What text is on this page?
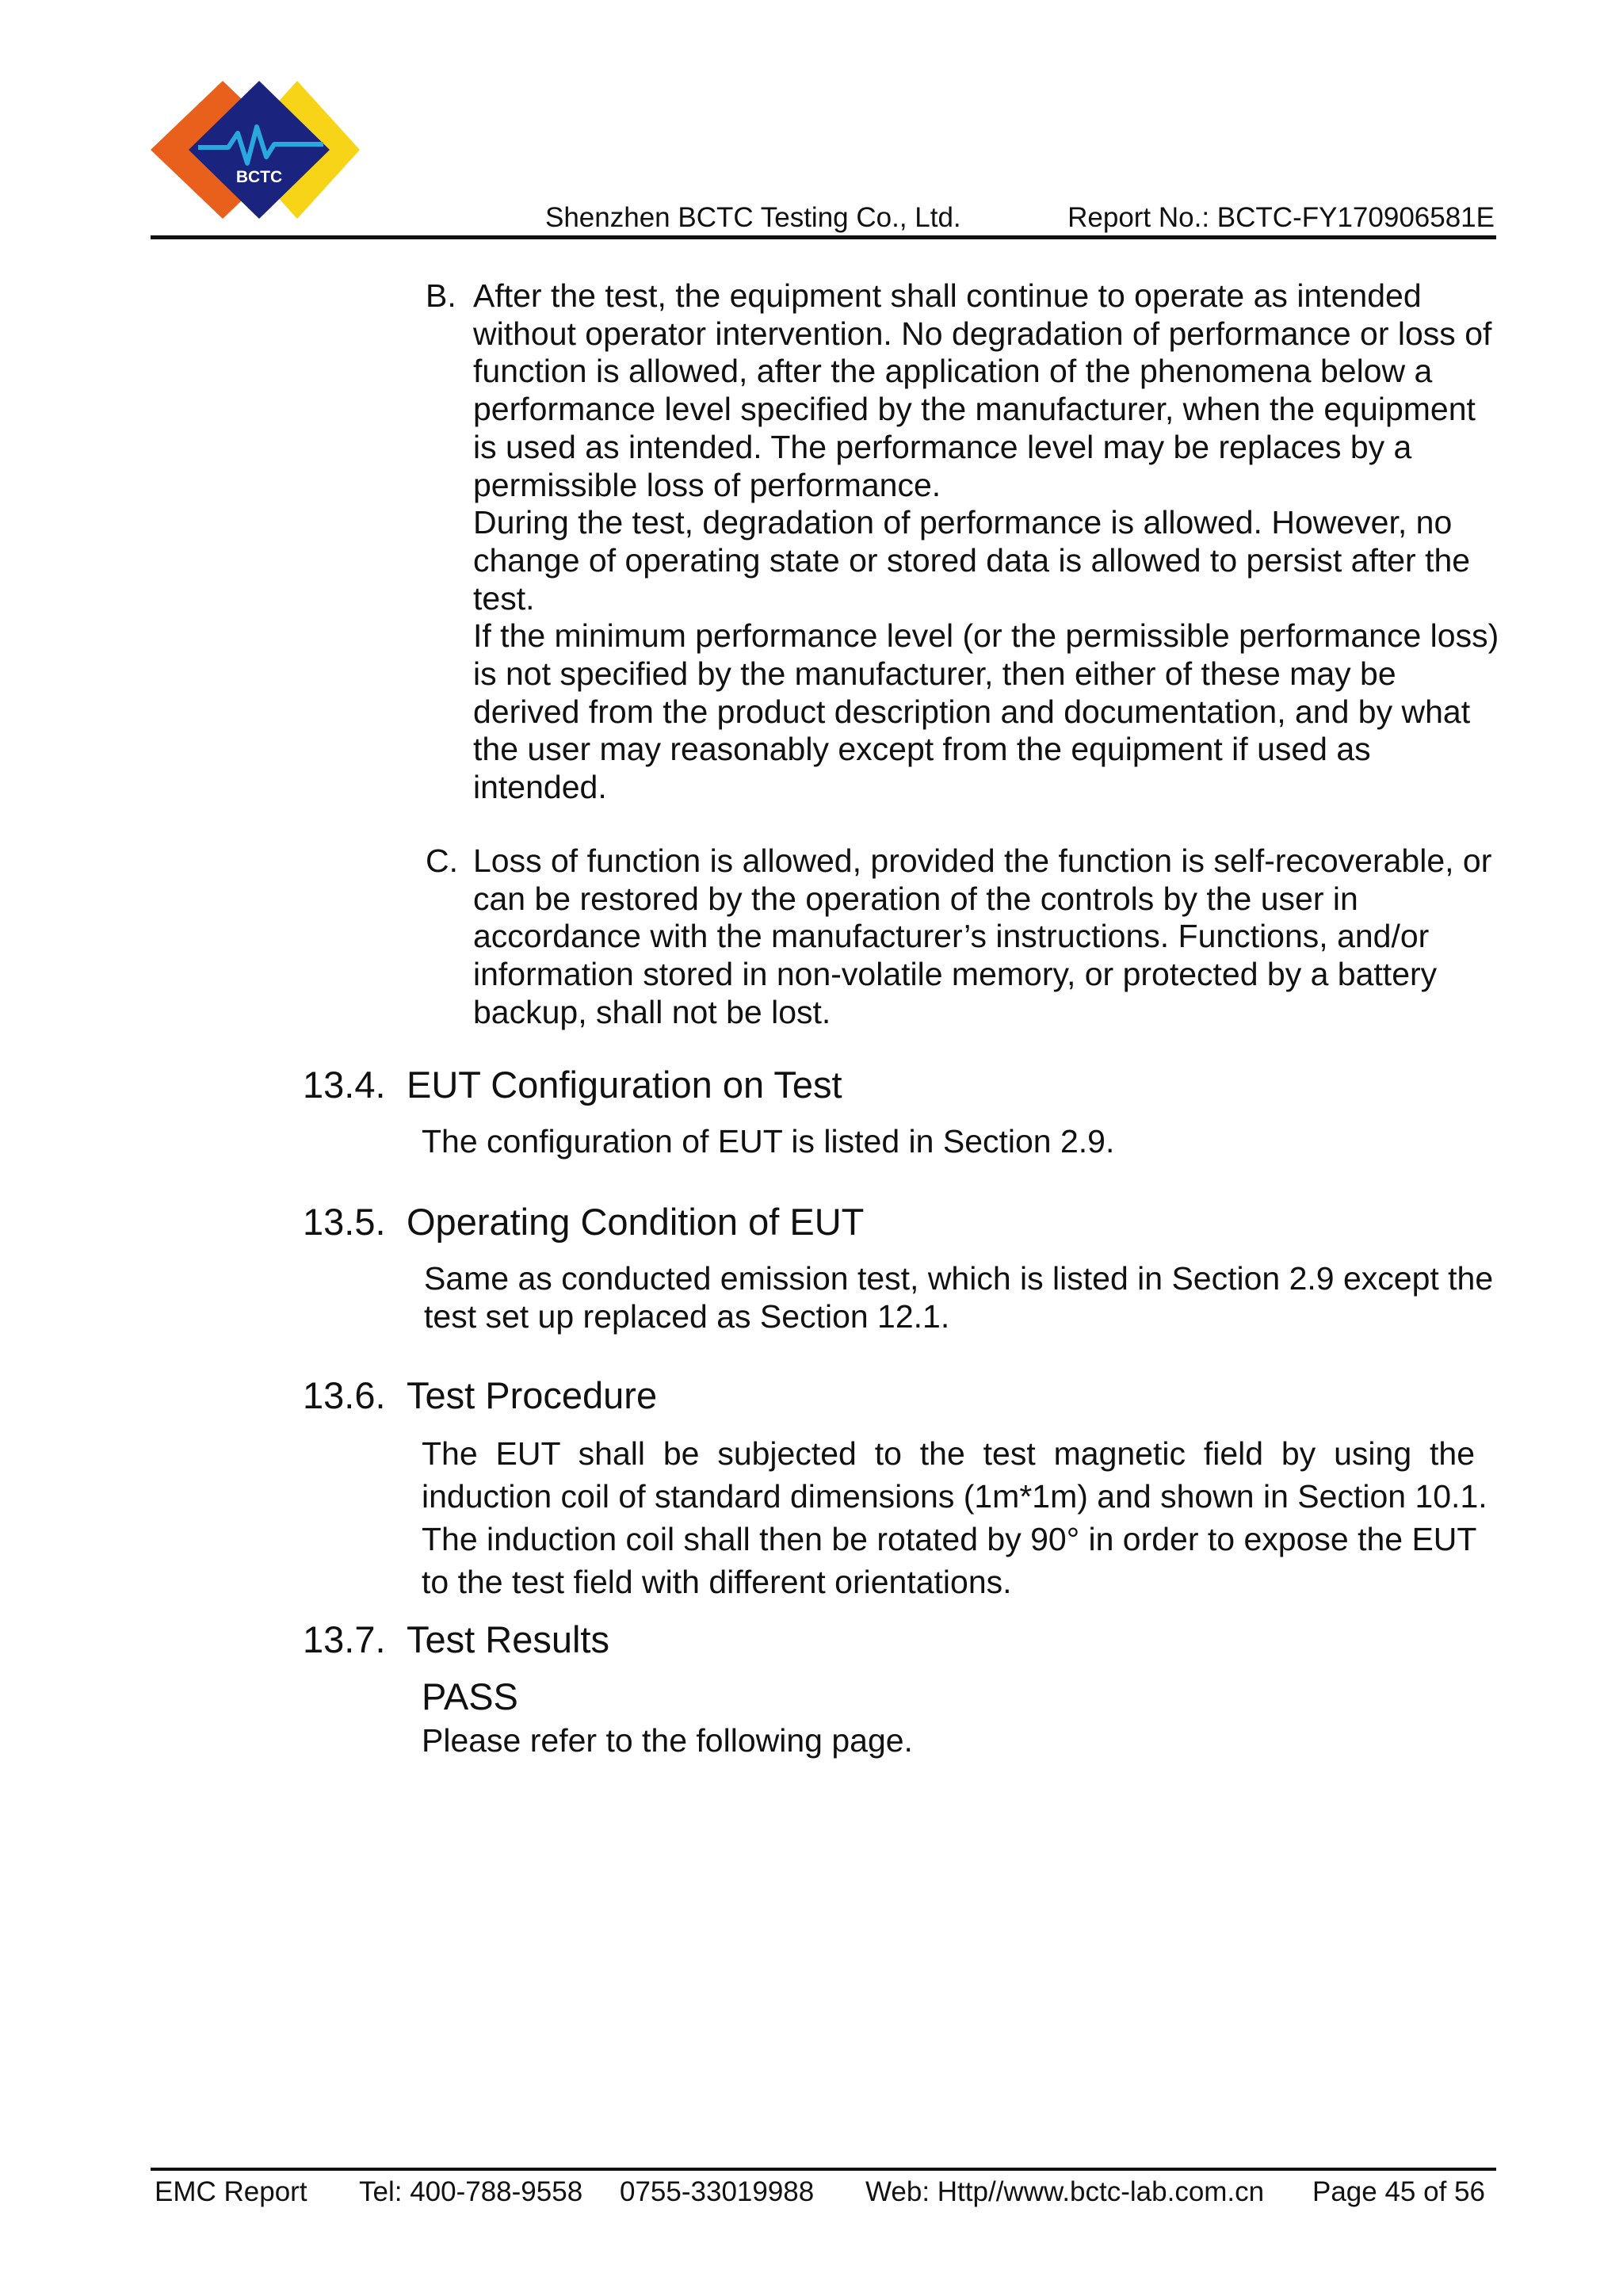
BCTC
Shenzhen BCTC Testing Co., Ltd.	Report No.: BCTC-FY170906581E
B. After the test, the equipment shall continue to operate as intended

without operator intervention. No degradation of performance or loss of

function is allowed, after the application of the phenomena below a

performance level specified by the manufacturer, when the equipment

is used as intended. The performance level may be replaces by a

permissible loss of performance.

During the test, degradation of performance is allowed. However, no

change of operating state or stored data is allowed to persist after the

test.

If the minimum performance level (or the permissible performance loss)

is not specified by the manufacturer, then either of these may be

derived from the product description and documentation, and by what

the user may reasonably except from the equipment if used as

intended.

C. Loss of function is allowed, provided the function is self-recoverable, or

can be restored by the operation of the controls by the user in

accordance with the manufacturer’s instructions. Functions, and/or

information stored in non-volatile memory, or protected by a battery

backup, shall not be lost.

13.4. EUT Configuration on Test

The configuration of EUT is listed in Section 2.9.

13.5. Operating Condition of EUT

Same as conducted emission test, which is listed in Section 2.9 except the

test set up replaced as Section 12.1.

13.6. Test Procedure

The EUT shall be subjected to the test magnetic field by using the

induction coil of standard dimensions (1m*1m) and shown in Section 10.1.

The induction coil shall then be rotated by 90° in order to expose the EUT

to the test field with different orientations.

13.7. Test Results
PASS
Please refer to the following page.
EMC Report Tel: 400-788-9558 0755-33019988 Web: Http//www.bctc-lab.com.cn Page 45 of 56
